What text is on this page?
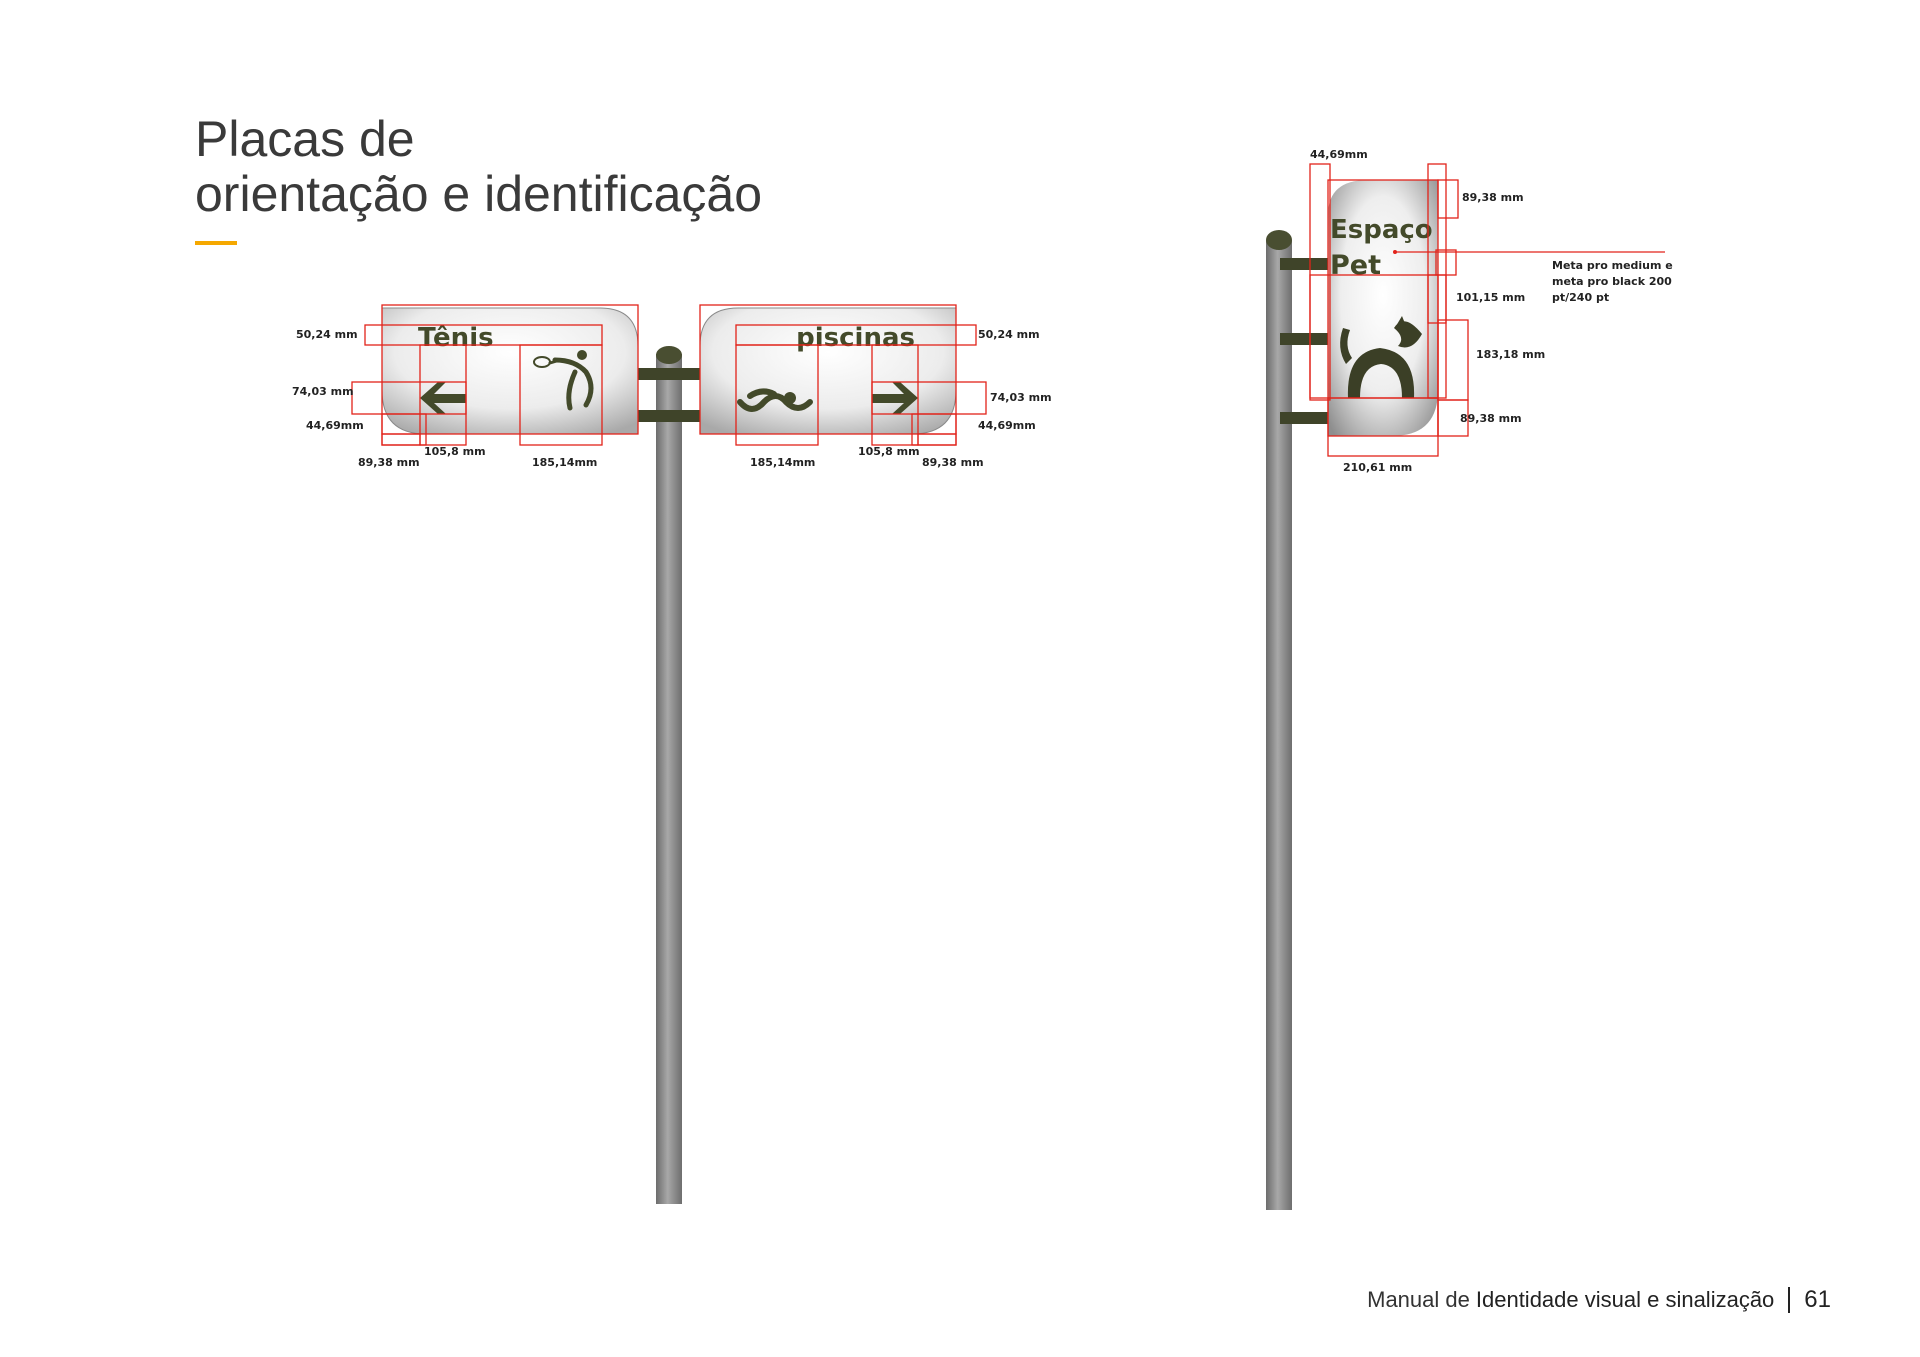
Placas de
orientação e identificação
Tênis	piscinas
50,24 mm
74,03 mm
44,69mm
89,38 mm
105,8 mm
185,14mm
50,24 mm
74,03 mm
44,69mm
185,14mm
105,8 mm
89,38 mm
Espaço
Pet
44,69mm
89,38 mm
101,15 mm
183,18 mm
89,38 mm
210,61 mm
Meta pro medium e
meta pro black 200
pt/240 pt
Manual de Identidade visual e sinalização 61
